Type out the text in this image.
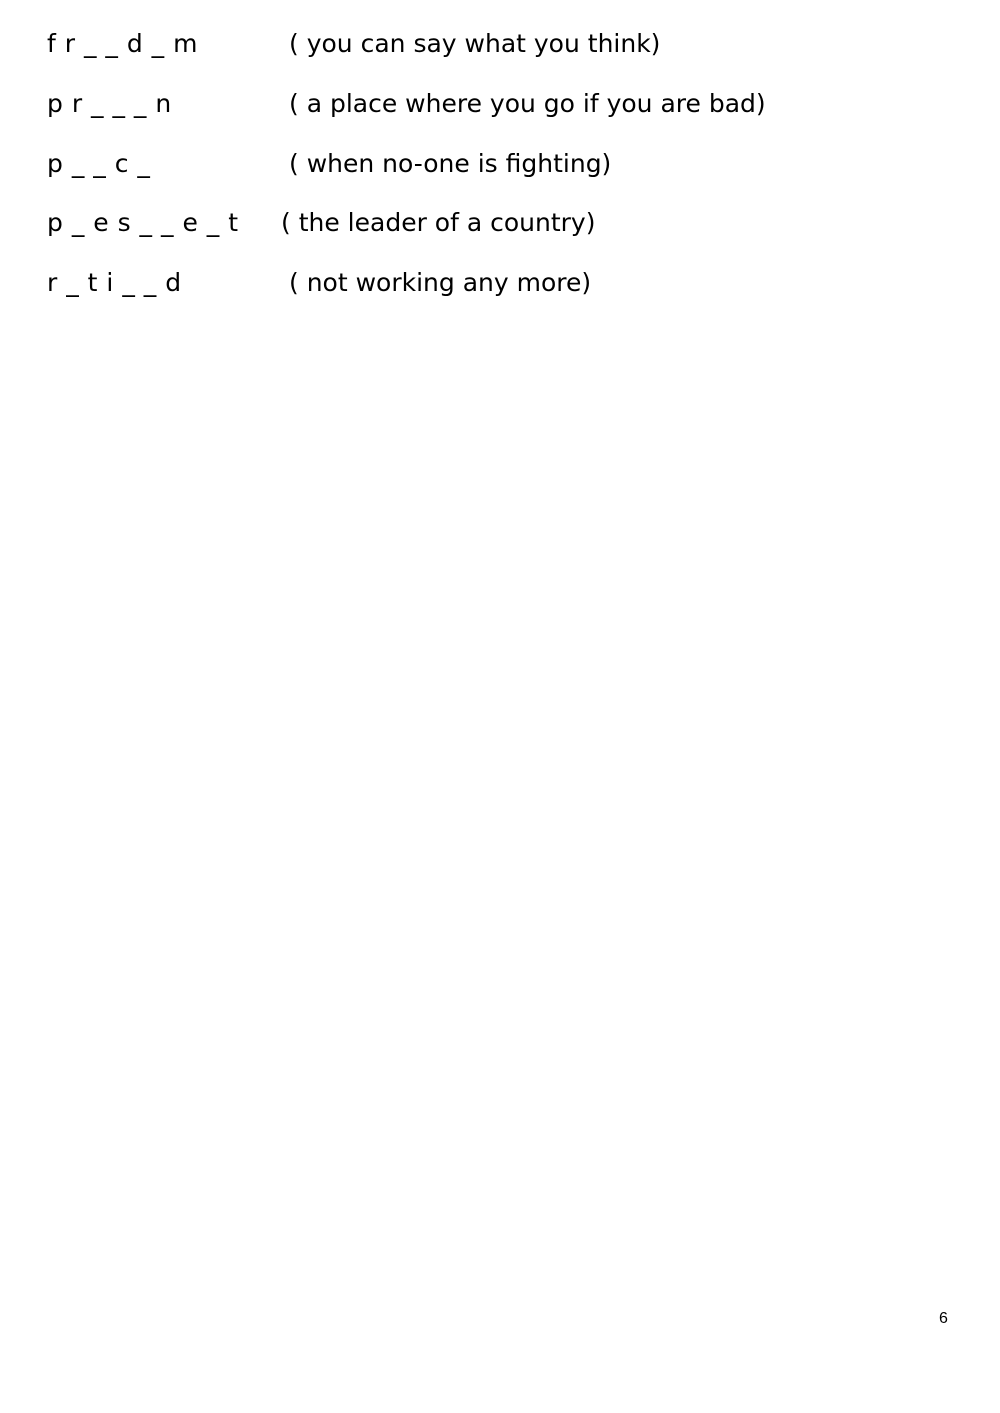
f r _ _ d _ m	( you can say what you think)
p r _ _ _ n	( a place where you go if you are bad)
p _ _ c _	( when no-one is fighting)
p _ e s _ _ e _ t ( the leader of a country)
r _ t i _ _ d	( not working any more)
6
